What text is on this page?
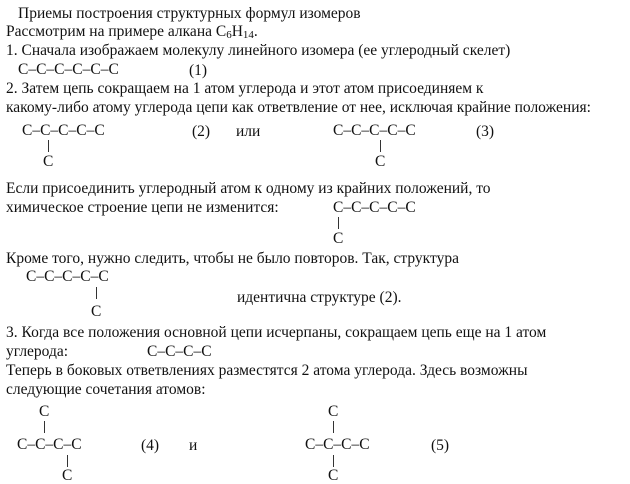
Приемы построения структурных формул изомеров

Рассмотрим на примере алкана $C_6H_{14}$.

1. Сначала изображаем молекулу линейного изомера (ее углеродный скелет)

C–C–C–C–C–C	(1)

2. Затем цепь сокращаем на 1 атом углерода и этот атом присоединяем к

какому-либо атому углерода цепи как ответвление от нее, исключая крайние положения:

C–C–C–C–C

C

(2) или	C–C–C–C–C

C

(3)

Если присоединить углеродный атом к одному из крайних положений, то

химическое строение цепи не изменится:	C–C–C–C–C

C

Кроме того, нужно следить, чтобы не было повторов. Так, структура

C–C–C–C–C

C

идентична структуре (2).

3. Когда все положения основной цепи исчерпаны, сокращаем цепь еще на 1 атом

углерода:	C–C–C–C

Теперь в боковых ответвлениях разместятся 2 атома углерода. Здесь возможны

следующие сочетания атомов:

C

C–C–C–C

C

(4) и

C

C–C–C–C

C

(5)
